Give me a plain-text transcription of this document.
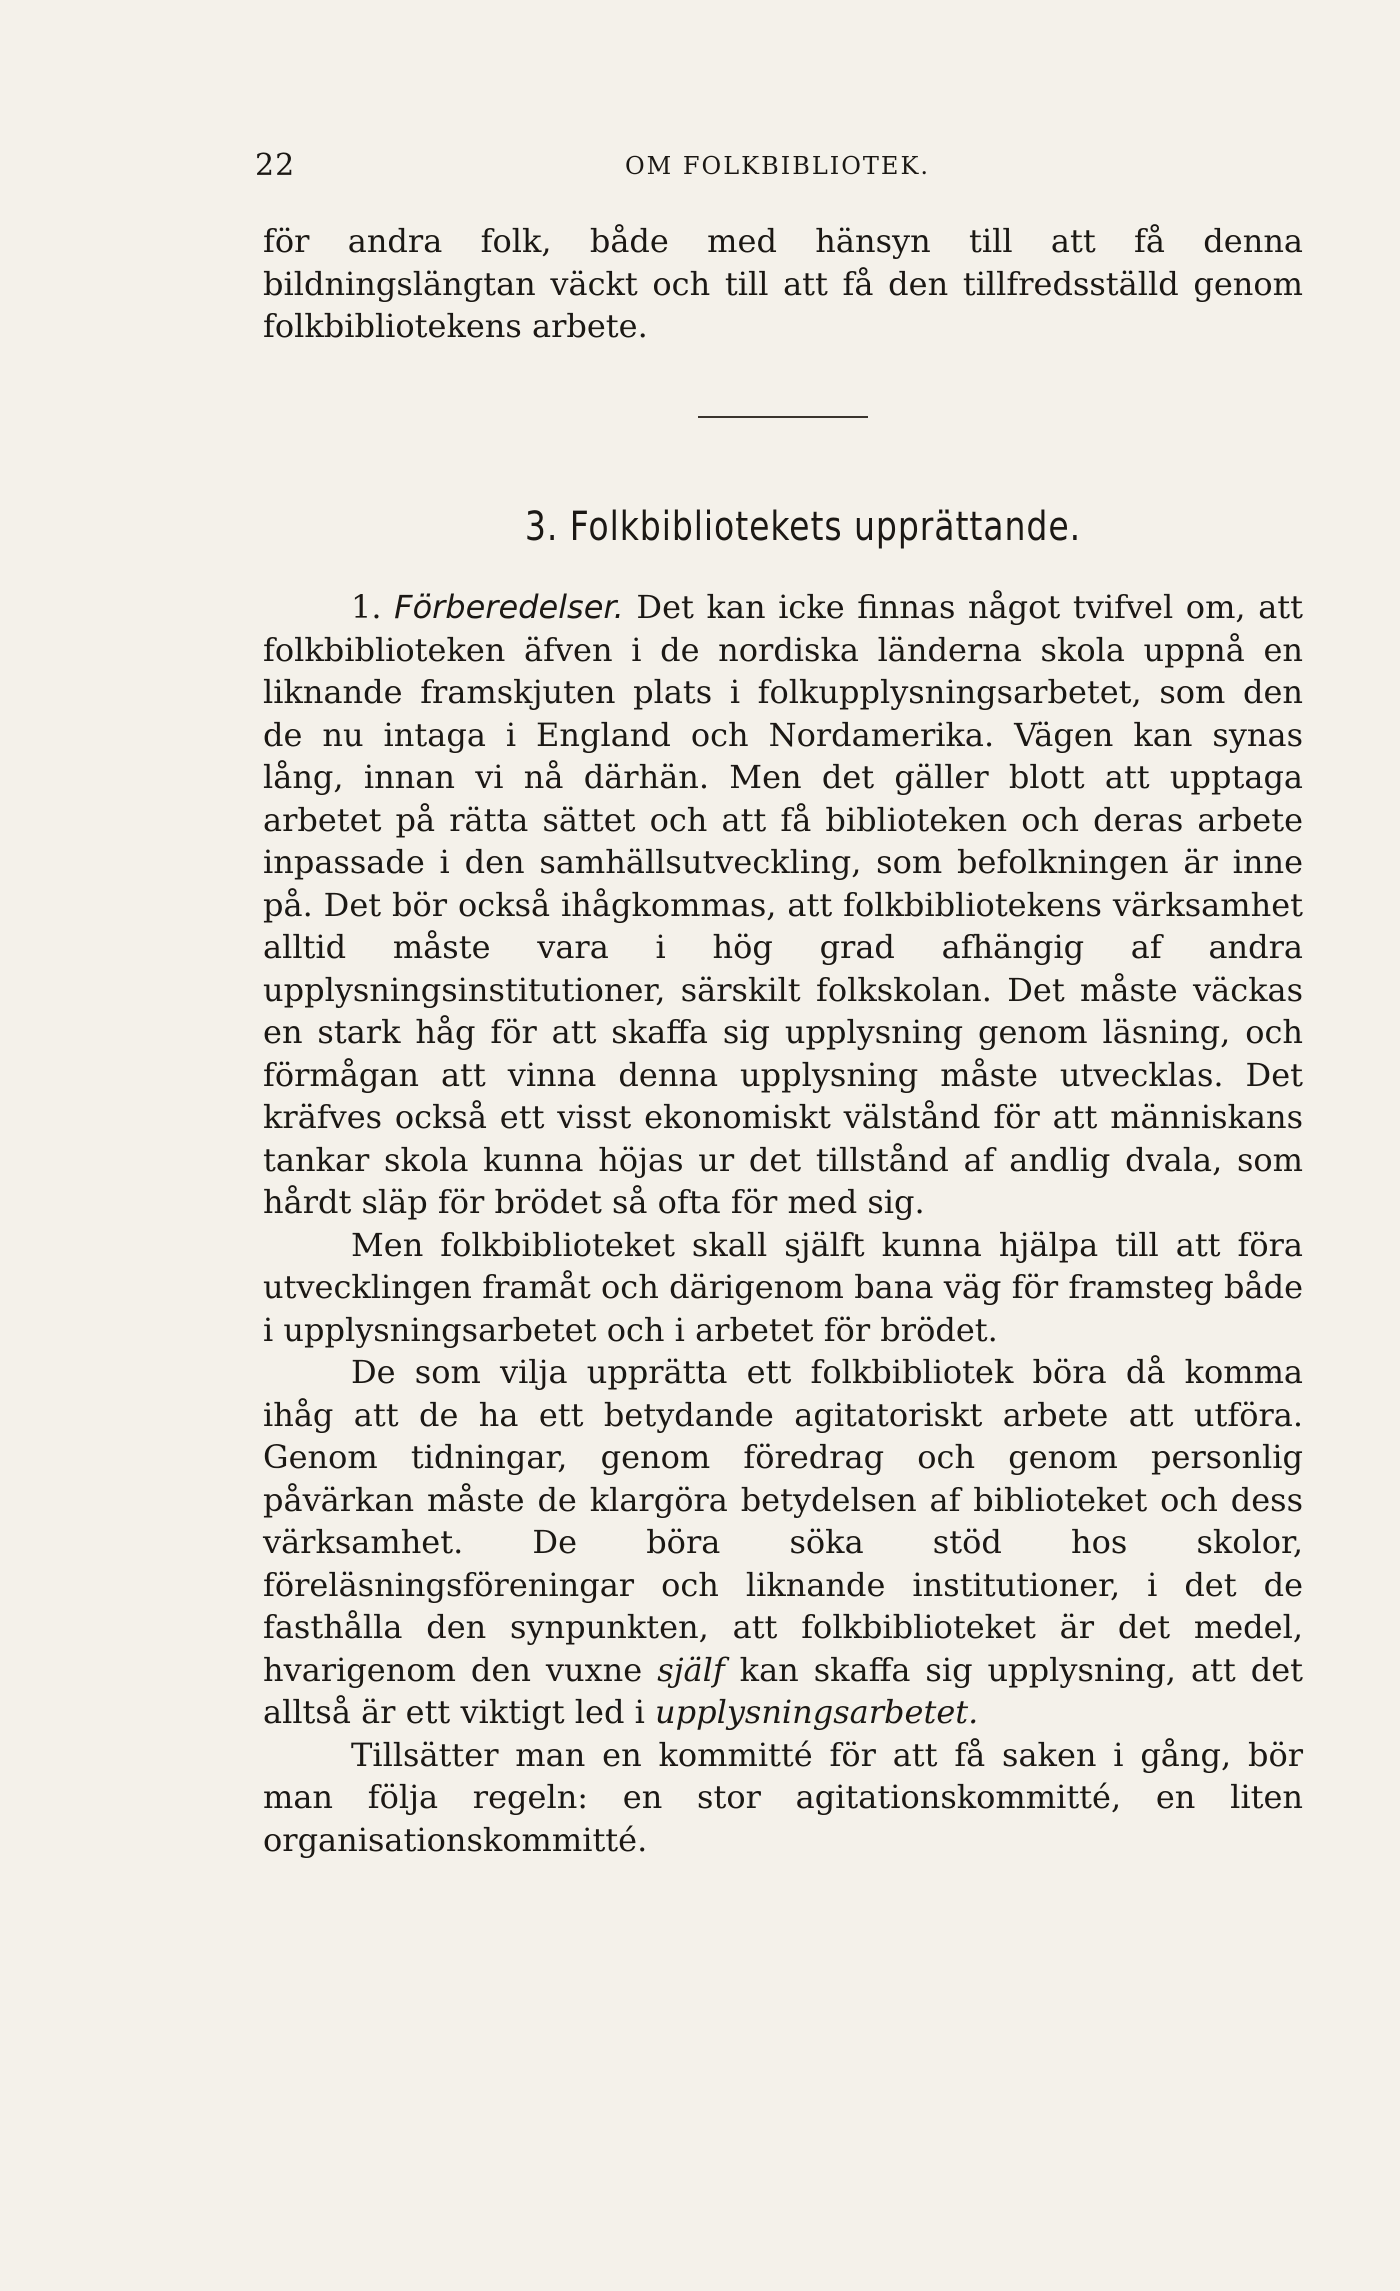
22	OM FOLKBIBLIOTEK.

för andra folk, både med hänsyn till att få denna bildningslängtan väckt och till att få den tillfredsställd genom folkbibliotekens arbete.

3. Folkbibliotekets upprättande.

1. Förberedelser. Det kan icke finnas något tvifvel om, att folkbiblioteken äfven i de nordiska länderna skola uppnå en liknande framskjuten plats i folkupplysningsarbetet, som den de nu intaga i England och Nordamerika. Vägen kan synas lång, innan vi nå därhän. Men det gäller blott att upptaga arbetet på rätta sättet och att få biblioteken och deras arbete inpassade i den samhällsutveckling, som befolkningen är inne på. Det bör också ihågkommas, att folkbibliotekens värksamhet alltid måste vara i hög grad afhängig af andra upplysningsinstitutioner, särskilt folkskolan. Det måste väckas en stark håg för att skaffa sig upplysning genom läsning, och förmågan att vinna denna upplysning måste utvecklas. Det kräfves också ett visst ekonomiskt välstånd för att människans tankar skola kunna höjas ur det tillstånd af andlig dvala, som hårdt släp för brödet så ofta för med sig.

Men folkbiblioteket skall själft kunna hjälpa till att föra utvecklingen framåt och därigenom bana väg för framsteg både i upplysningsarbetet och i arbetet för brödet.

De som vilja upprätta ett folkbibliotek böra då komma ihåg att de ha ett betydande agitatoriskt arbete att utföra. Genom tidningar, genom föredrag och genom personlig påvärkan måste de klargöra betydelsen af biblioteket och dess värksamhet. De böra söka stöd hos skolor, föreläsningsföreningar och liknande institutioner, i det de fasthålla den synpunkten, att folkbiblioteket är det medel, hvarigenom den vuxne själf kan skaffa sig upplysning, att det alltså är ett viktigt led i upplysningsarbetet.

Tillsätter man en kommitté för att få saken i gång, bör man följa regeln: en stor agitationskommitté, en liten organisationskommitté.
